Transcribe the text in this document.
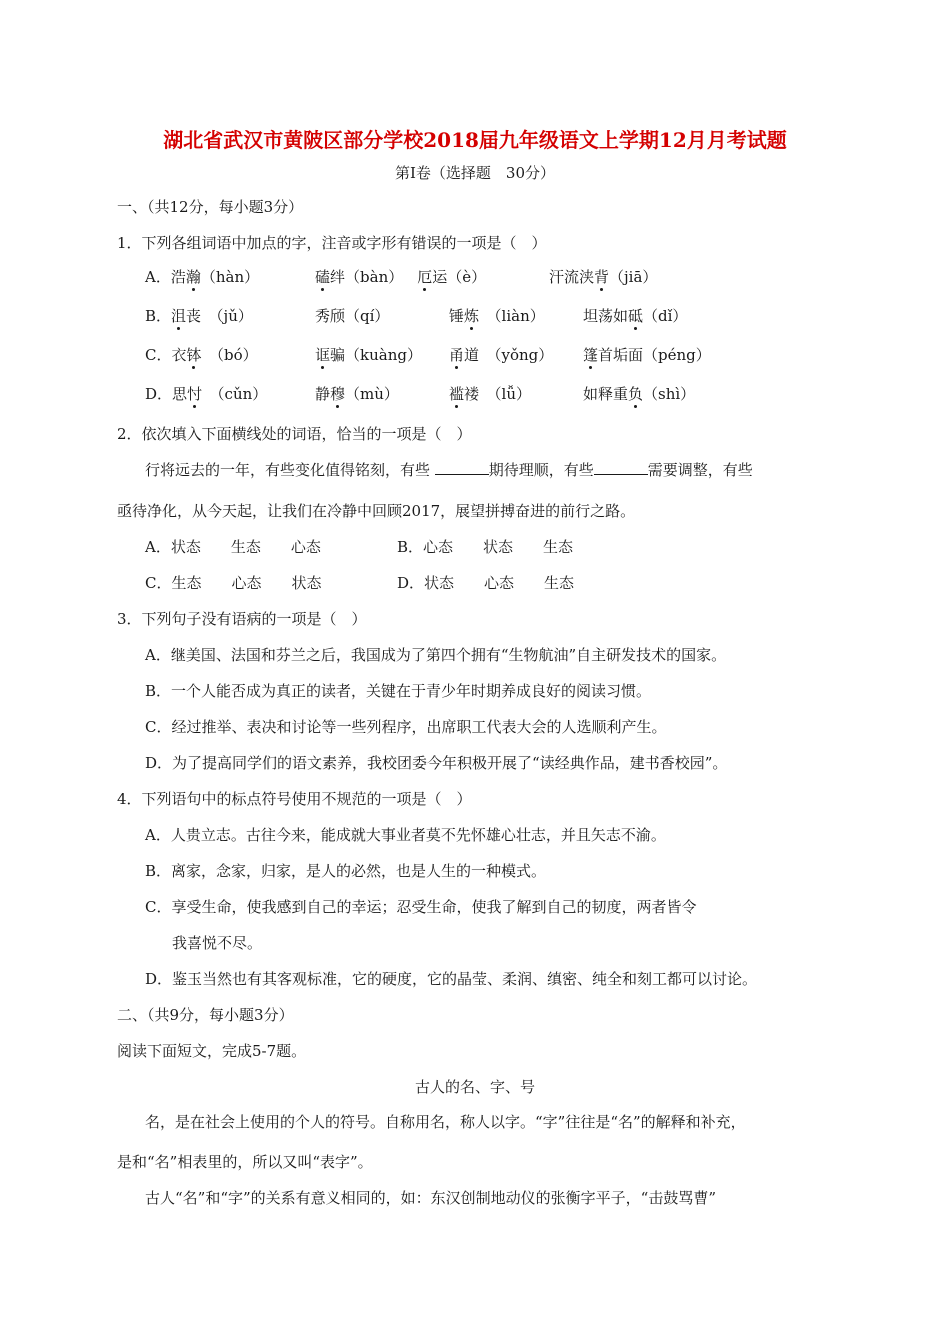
湖北省武汉市黄陂区部分学校2018届九年级语文上学期12月月考试题
第Ⅰ卷（选择题　30分）
一、（共12分，每小题3分）
1．下列各组词语中加点的字，注音或字形有错误的一项是（　）
A．浩瀚（hàn）	磕绊（bàn） 厄运（è）	汗流浃背（jiā）
B．沮丧　（jǔ）	秀颀（qí）	锤炼　（liàn）	坦荡如砥（dǐ）
C．衣钵　（bó）	诓骗（kuàng） 甬道　（yǒng） 篷首垢面（péng）
D．思忖　（cǔn）	静穆（mù）	褴褛　（lǚ）	如释重负（shì）
2．依次填入下面横线处的词语，恰当的一项是（　）
行将远去的一年，有些变化值得铭刻，有些	期待理顺，有些	需要调整，有些
亟待净化，从今天起，让我们在冷静中回顾2017，展望拼搏奋进的前行之路。
A．状态　　生态　　心态	B．心态　　状态　　生态
C．生态　　心态　　状态	D．状态　　心态　　生态
3．下列句子没有语病的一项是（　）
A．继美国、法国和芬兰之后，我国成为了第四个拥有“生物航油”自主研发技术的国家。
B．一个人能否成为真正的读者，关键在于青少年时期养成良好的阅读习惯。
C．经过推举、表决和讨论等一些列程序，出席职工代表大会的人选顺利产生。
D．为了提高同学们的语文素养，我校团委今年积极开展了“读经典作品，建书香校园”。
4．下列语句中的标点符号使用不规范的一项是（　）
A．人贵立志。古往今来，能成就大事业者莫不先怀雄心壮志，并且矢志不渝。
B．离家，念家，归家，是人的必然，也是人生的一种模式。
C．享受生命，使我感到自己的幸运；忍受生命，使我了解到自己的韧度，两者皆令
我喜悦不尽。
D．鉴玉当然也有其客观标准，它的硬度，它的晶莹、柔润、缜密、纯全和刻工都可以讨论。
二、（共9分，每小题3分）
阅读下面短文，完成5-7题。
古人的名、字、号
名，是在社会上使用的个人的符号。自称用名，称人以字。“字”往往是“名”的解释和补充，
是和“名”相表里的，所以又叫“表字”。
古人“名”和“字”的关系有意义相同的，如：东汉创制地动仪的张衡字平子，“击鼓骂曹”
